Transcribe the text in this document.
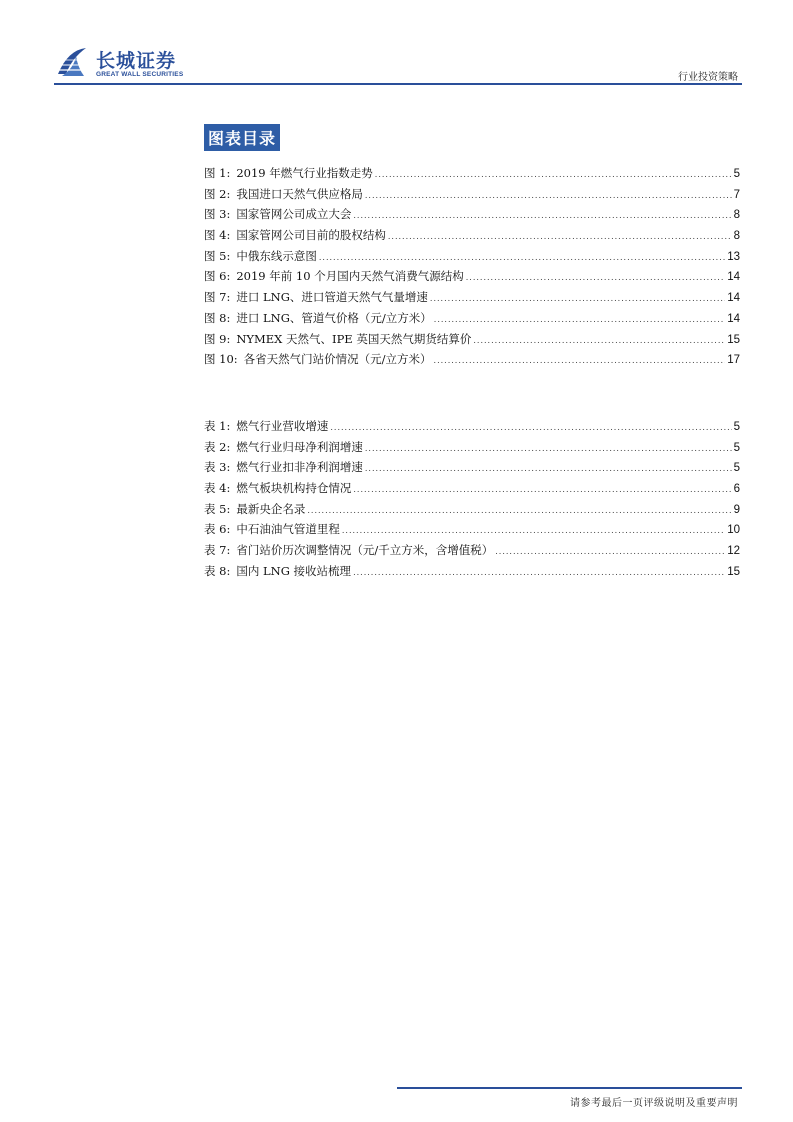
长城证券
GREAT WALL SECURITIES	行业投资策略
图表目录
图 1: 2019 年燃气行业指数走势 .....	5
图 2: 我国进口天然气供应格局 .....	7
图 3: 国家管网公司成立大会 .....	8
图 4: 国家管网公司目前的股权结构 .....	8
图 5: 中俄东线示意图 .....	13
图 6: 2019 年前 10 个月国内天然气消费气源结构 .....	14
图 7: 进口 LNG、进口管道天然气气量增速 .....	14
图 8: 进口 LNG、管道气价格（元/立方米） .....	14
图 9: NYMEX 天然气、IPE 英国天然气期货结算价 .....	15
图 10: 各省天然气门站价情况（元/立方米） .....	17
表 1: 燃气行业营收增速 .....	5
表 2: 燃气行业归母净利润增速 .....	5
表 3: 燃气行业扣非净利润增速 .....	5
表 4: 燃气板块机构持仓情况 .....	6
表 5: 最新央企名录 .....	9
表 6: 中石油油气管道里程 .....	10
表 7: 省门站价历次调整情况（元/千立方米，含增值税） .....	12
表 8: 国内 LNG 接收站梳理 .....	15
请参考最后一页评级说明及重要声明
